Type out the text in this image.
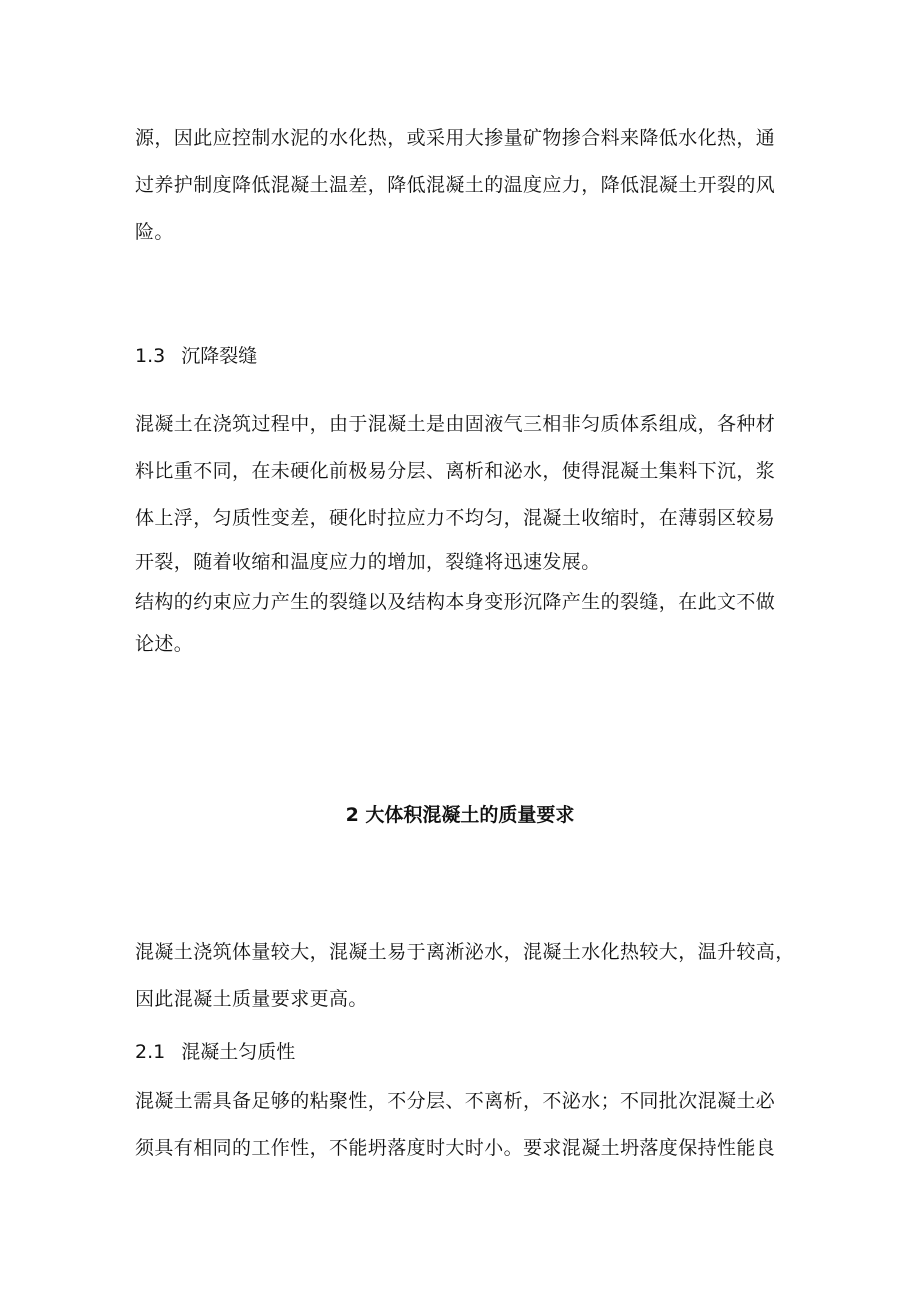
源，因此应控制水泥的水化热，或采用大掺量矿物掺合料来降低水化热，通
过养护制度降低混凝土温差，降低混凝土的温度应力，降低混凝土开裂的风
险。
1.3 沉降裂缝
混凝土在浇筑过程中，由于混凝土是由固液气三相非匀质体系组成，各种材
料比重不同，在未硬化前极易分层、离析和泌水，使得混凝土集料下沉，浆
体上浮，匀质性变差，硬化时拉应力不均匀，混凝土收缩时，在薄弱区较易
开裂，随着收缩和温度应力的增加，裂缝将迅速发展。
结构的约束应力产生的裂缝以及结构本身变形沉降产生的裂缝，在此文不做
论述。
2 大体积混凝土的质量要求
混凝土浇筑体量较大，混凝土易于离淅泌水，混凝土水化热较大，温升较高，
因此混凝土质量要求更高。
2.1 混凝土匀质性
混凝土需具备足够的粘聚性，不分层、不离析，不泌水；不同批次混凝土必
须具有相同的工作性，不能坍落度时大时小。要求混凝土坍落度保持性能良
